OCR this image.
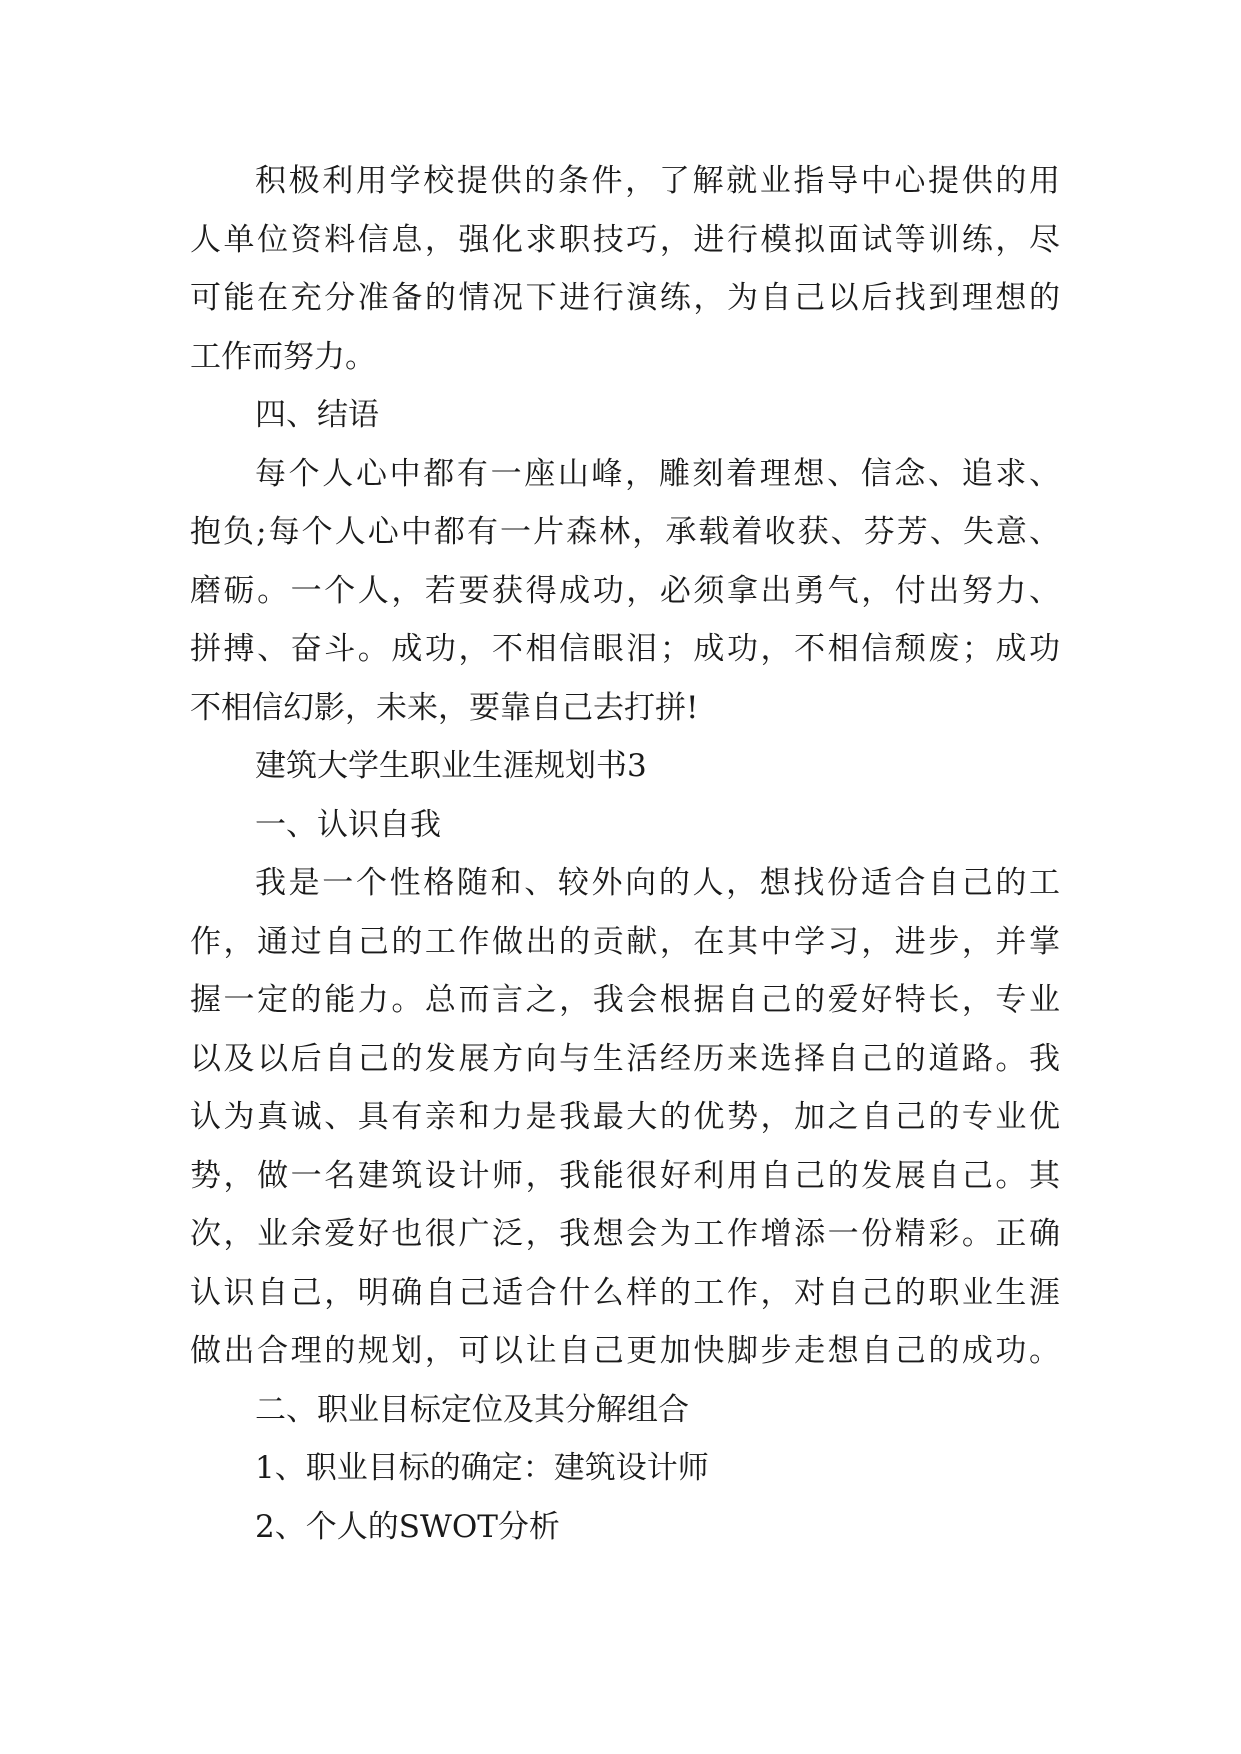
积极利用学校提供的条件，了解就业指导中心提供的用
人单位资料信息，强化求职技巧，进行模拟面试等训练，尽
可能在充分准备的情况下进行演练，为自己以后找到理想的
工作而努力。
四、结语
每个人心中都有一座山峰，雕刻着理想、信念、追求、
抱负;每个人心中都有一片森林，承载着收获、芬芳、失意、
磨砺。一个人，若要获得成功，必须拿出勇气，付出努力、
拼搏、奋斗。成功，不相信眼泪；成功，不相信颓废；成功
不相信幻影，未来，要靠自己去打拼!
建筑大学生职业生涯规划书3
一、认识自我
我是一个性格随和、较外向的人，想找份适合自己的工
作，通过自己的工作做出的贡献，在其中学习，进步，并掌
握一定的能力。总而言之，我会根据自己的爱好特长，专业
以及以后自己的发展方向与生活经历来选择自己的道路。我
认为真诚、具有亲和力是我最大的优势，加之自己的专业优
势，做一名建筑设计师，我能很好利用自己的发展自己。其
次，业余爱好也很广泛，我想会为工作增添一份精彩。正确
认识自己，明确自己适合什么样的工作，对自己的职业生涯
做出合理的规划，可以让自己更加快脚步走想自己的成功。
二、职业目标定位及其分解组合
1、职业目标的确定：建筑设计师
2、个人的SWOT分析
